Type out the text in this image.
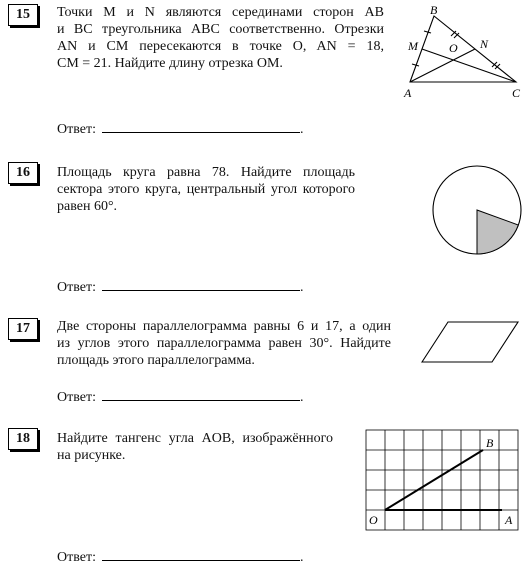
15	Точки M и N являются серединами сторон AB
и BC треугольника ABC соответственно. Отрезки
AN и CM пересекаются в точке O, AN = 18,
CM = 21. Найдите длину отрезка OM.
B
M	O N
A	C
Ответ:	.
16	Площадь круга равна 78. Найдите площадь
сектора этого круга, центральный угол которого
равен 60°.
Ответ:	.
17	Две стороны параллелограмма равны 6 и 17, а один
из углов этого параллелограмма равен 30°. Найдите
площадь этого параллелограмма.
Ответ:	.
18	Найдите тангенс угла AOB, изображённого
на рисунке.
O	A
B
Ответ:	.
